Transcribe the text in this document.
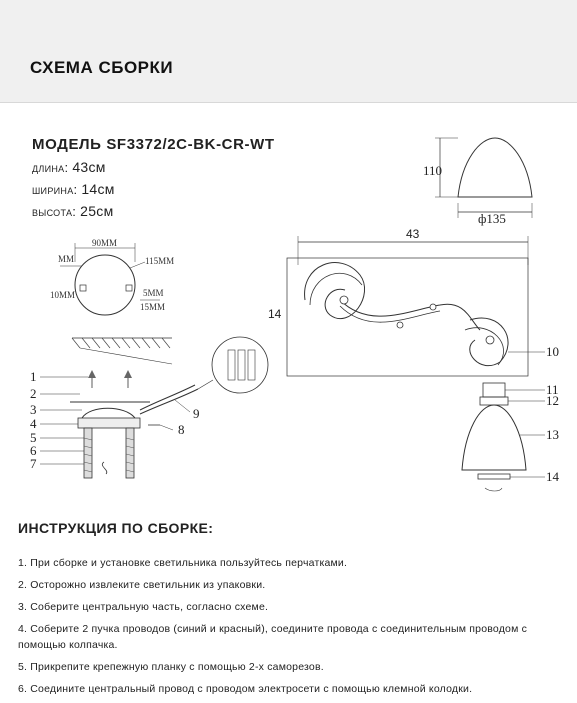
СХЕМА СБОРКИ
МОДЕЛЬ SF3372/2C-BK-CR-WT
длина: 43см
ширина: 14см
высота: 25см
110
ф135
43
14
90MM
MM	115MM
10MM	5MM
15MM
1
2
3
4
5
6
7
8
9
10
11
12
13
14
ИНСТРУКЦИЯ ПО СБОРКЕ:
1. При сборке и установке светильника пользуйтесь перчатками.
2. Осторожно извлеките светильник из упаковки.
3. Соберите центральную часть, согласно схеме.
4. Соберите 2 пучка проводов (синий и красный), соедините провода с соединительным проводом с помощью колпачка.
5. Прикрепите крепежную планку с помощью 2-х саморезов.
6. Соедините центральный провод с проводом электросети с помощью клемной колодки.
